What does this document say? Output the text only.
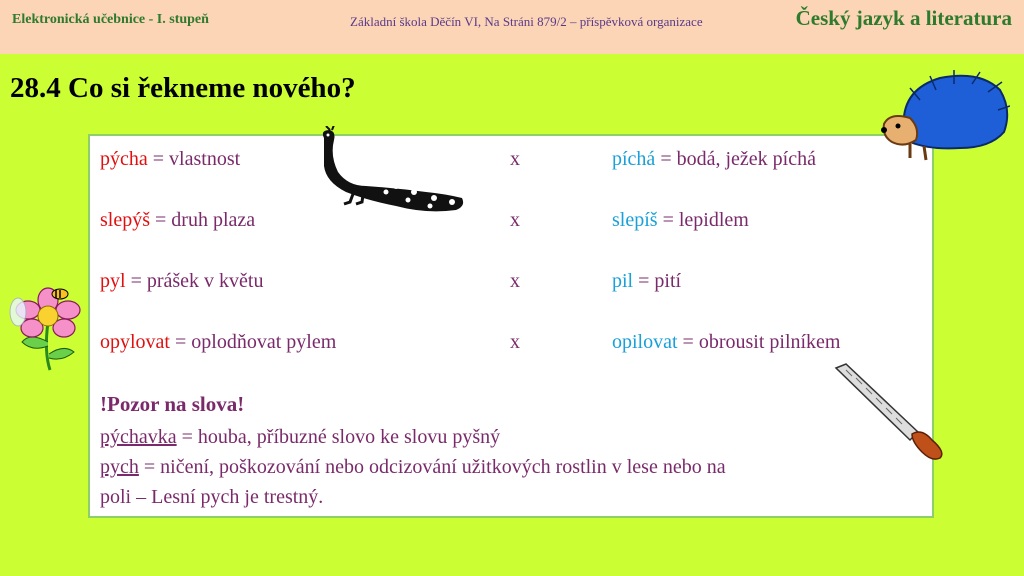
Elektronická učebnice - I. stupeň	Základní škola Děčín VI, Na Stráni 879/2 – příspěvková organizace	Český jazyk a literatura
28.4 Co si řekneme nového?
pýcha = vlastnost	x	píchá = bodá, ježek píchá
slepýš = druh plaza	x	slepíš = lepidlem
pyl = prášek v květu	x	pil = pití
opylovat = oplodňovat pylem	x	opilovat = obrousit pilníkem
!Pozor na slova!
pýchavka = houba, příbuzné slovo ke slovu pyšný
pych = ničení, poškozování nebo odcizování užitkových rostlin v lese nebo na
poli – Lesní pych je trestný.
